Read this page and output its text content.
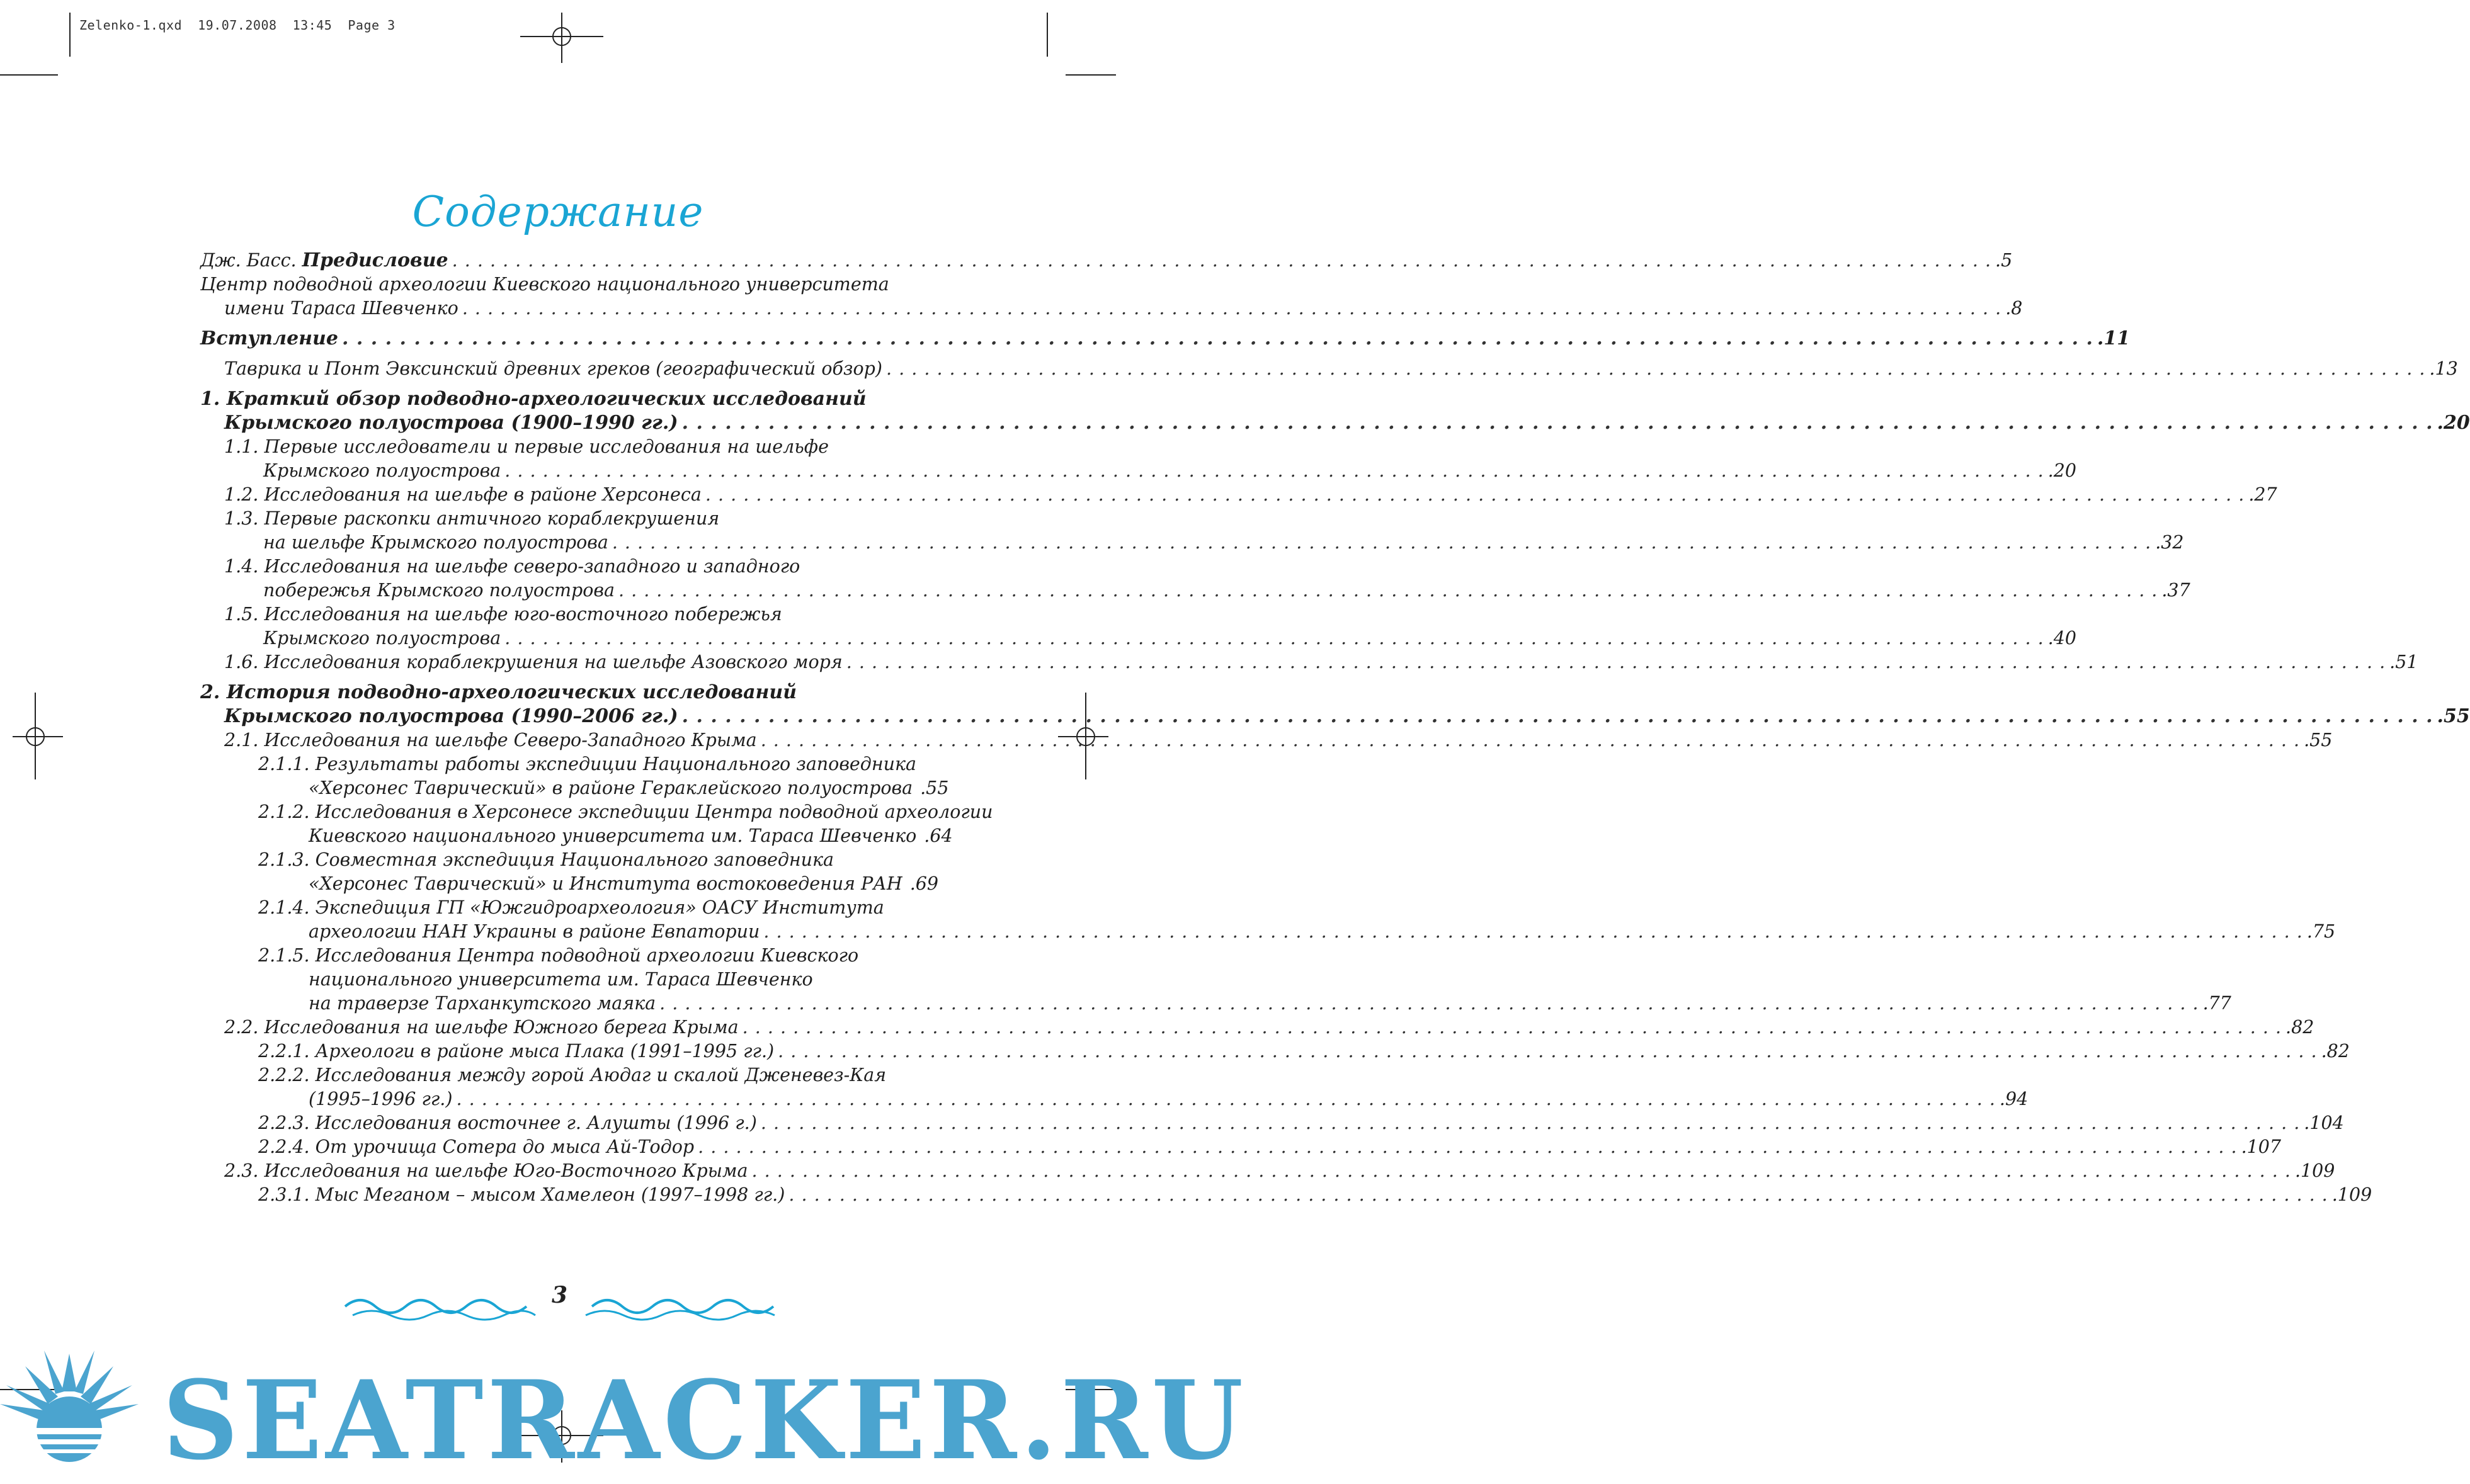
Zelenko-1.qxd  19.07.2008  13:45  Page 3
Содержание
Дж. Басс. Предисловие . . .	.5
Центр подводной археологии Киевского национального университета
имени Тараса Шевченко . . .	.8
Вступление . . .	.11
Таврика и Понт Эвксинский древних греков (географический обзор) . . .	.13
1. Краткий обзор подводно-археологических исследований
Крымского полуострова (1900–1990 гг.) . . .	.20
1.1. Первые исследователи и первые исследования на шельфе
Крымского полуострова . . .	.20
1.2. Исследования на шельфе в районе Херсонеса . . .	.27
1.3. Первые раскопки античного кораблекрушения
на шельфе Крымского полуострова . . .	.32
1.4. Исследования на шельфе северо-западного и западного
побережья Крымского полуострова . . .	.37
1.5. Исследования на шельфе юго-восточного побережья
Крымского полуострова . . .	.40
1.6. Исследования кораблекрушения на шельфе Азовского моря . . .	.51
2. История подводно-археологических исследований
Крымского полуострова (1990–2006 гг.) . . .	.55
2.1. Исследования на шельфе Северо-Западного Крыма . . .	.55
2.1.1. Результаты работы экспедиции Национального заповедника
«Херсонес Таврический» в районе Гераклейского полуострова .55
2.1.2. Исследования в Херсонесе экспедиции Центра подводной археологии
Киевского национального университета им. Тараса Шевченко .64
2.1.3. Совместная экспедиция Национального заповедника
«Херсонес Таврический» и Института востоковедения РАН .69
2.1.4. Экспедиция ГП «Южгидроархеология» ОАСУ Института
археологии НАН Украины в районе Евпатории . . .	.75
2.1.5. Исследования Центра подводной археологии Киевского
национального университета им. Тараса Шевченко
на траверзе Тарханкутского маяка . . .	.77
2.2. Исследования на шельфе Южного берега Крыма . . .	.82
2.2.1. Археологи в районе мыса Плака (1991–1995 гг.) . . .	.82
2.2.2. Исследования между горой Аюдаг и скалой Дженевез-Кая
(1995–1996 гг.) . . .	.94
2.2.3. Исследования восточнее г. Алушты (1996 г.) . . .	.104
2.2.4. От урочища Сотера до мыса Ай-Тодор . . .	.107
2.3. Исследования на шельфе Юго-Восточного Крыма . . .	.109
2.3.1. Мыс Меганом – мысом Хамелеон (1997–1998 гг.) . . .	.109
3
SEATRACKER.RU
